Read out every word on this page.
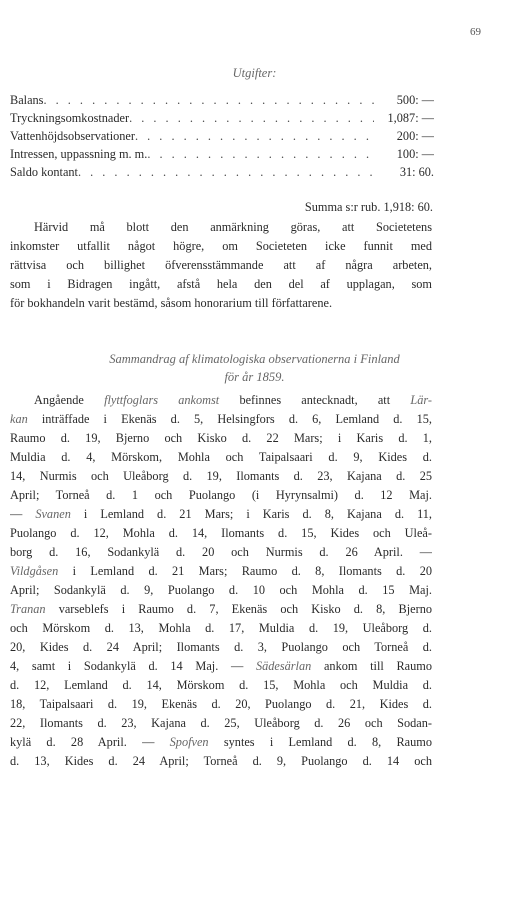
69
Utgifter:
Balans . . .	500: —
Tryckningsomkostnader . . .	1,087: —
Vattenhöjdsobservationer . . .	200: —
Intressen, uppassning m. m. . . .	100: —
Saldo kontant . . .	31: 60.
Summa s:r rub. 1,918: 60.
Härvid må blott den anmärkning göras, att Societetens
inkomster utfallit något högre, om Societeten icke funnit med
rättvisa och billighet öfverensstämmande att af några arbeten,
som i Bidragen ingått, afstå hela den del af upplagan, som
för bokhandeln varit bestämd, såsom honorarium till författarene.
Sammandrag af klimatologiska observationerna i Finland
för år 1859.
Angående flyttfoglars ankomst befinnes antecknadt, att Lär-
kan inträffade i Ekenäs d. 5, Helsingfors d. 6, Lemland d. 15,
Raumo d. 19, Bjerno och Kisko d. 22 Mars; i Karis d. 1,
Muldia d. 4, Mörskom, Mohla och Taipalsaari d. 9, Kides d.
14, Nurmis och Uleåborg d. 19, Ilomants d. 23, Kajana d. 25
April; Torneå d. 1 och Puolango (i Hyrynsalmi) d. 12 Maj.
— Svanen i Lemland d. 21 Mars; i Karis d. 8, Kajana d. 11,
Puolango d. 12, Mohla d. 14, Ilomants d. 15, Kides och Uleå-
borg d. 16, Sodankylä d. 20 och Nurmis d. 26 April. —
Vildgåsen i Lemland d. 21 Mars; Raumo d. 8, Ilomants d. 20
April; Sodankylä d. 9, Puolango d. 10 och Mohla d. 15 Maj.
Tranan varseblefs i Raumo d. 7, Ekenäs och Kisko d. 8, Bjerno
och Mörskom d. 13, Mohla d. 17, Muldia d. 19, Uleåborg d.
20, Kides d. 24 April; Ilomants d. 3, Puolango och Torneå d.
4, samt i Sodankylä d. 14 Maj. — Sädesärlan ankom till Raumo
d. 12, Lemland d. 14, Mörskom d. 15, Mohla och Muldia d.
18, Taipalsaari d. 19, Ekenäs d. 20, Puolango d. 21, Kides d.
22, Ilomants d. 23, Kajana d. 25, Uleåborg d. 26 och Sodan-
kylä d. 28 April. — Spofven syntes i Lemland d. 8, Raumo
d. 13, Kides d. 24 April; Torneå d. 9, Puolango d. 14 och
